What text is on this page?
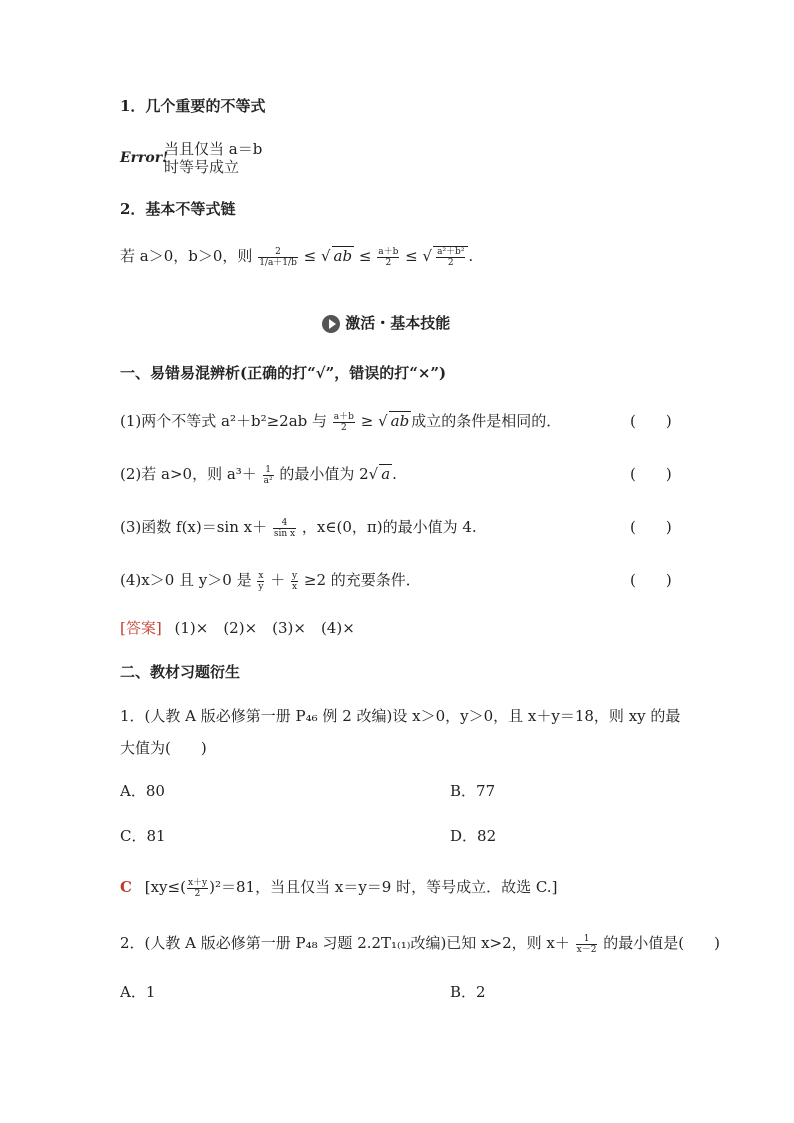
1．几个重要的不等式
Error!
当且仅当 a＝b
时等号成立
2．基本不等式链
若 a＞0，b＞0，则 $\frac{2}{1/a+1/b}$ ≤ √ ab ≤ $\frac{a+b}{2}$ ≤ √ $\frac{\text{a²＋b²}}{2}$ .
激活・基本技能
一、易错易混辨析(正确的打“√”，错误的打“×”)
(1)两个不等式 a²＋b²≥2ab 与 $\frac{a+b}{2}$ ≥ √ ab 成立的条件是相同的．	(　　)
(2)若 a>0，则 $a^3+ \frac{1}{\text{a²}}$ 的最小值为 2√ a .	(　　)
(3)函数 f(x)＝sin $x+ \frac{4}{\text{sin x}}$ ，x∈(0，π)的最小值为 4.	(　　)
(4)x＞0 且 y＞0 是 $\frac{x}{y} + \frac{y}{x} \ge 2$ 的充要条件．	(　　)
[答案] (1)×　(2)×　(3)×　(4)×
二、教材习题衍生
1．(人教 A 版必修第一册 P₄₆ 例 2 改编)设 x＞0，y＞0，且 x＋y＝18，则 xy 的最
大值为(　　)
A．80	B．77
C．81	D．82
C [$xy\le( \frac{x+y}{2} )^2=81$，当且仅当 x＝y＝9 时，等号成立．故选 C.]
2．(人教 A 版必修第一册 P₄₈ 习题 2.2T₁₍₁₎改编)已知 x>2，则 $x+ \frac{1}{x-2}$ 的最小值是(　　)
A．1	B．2
